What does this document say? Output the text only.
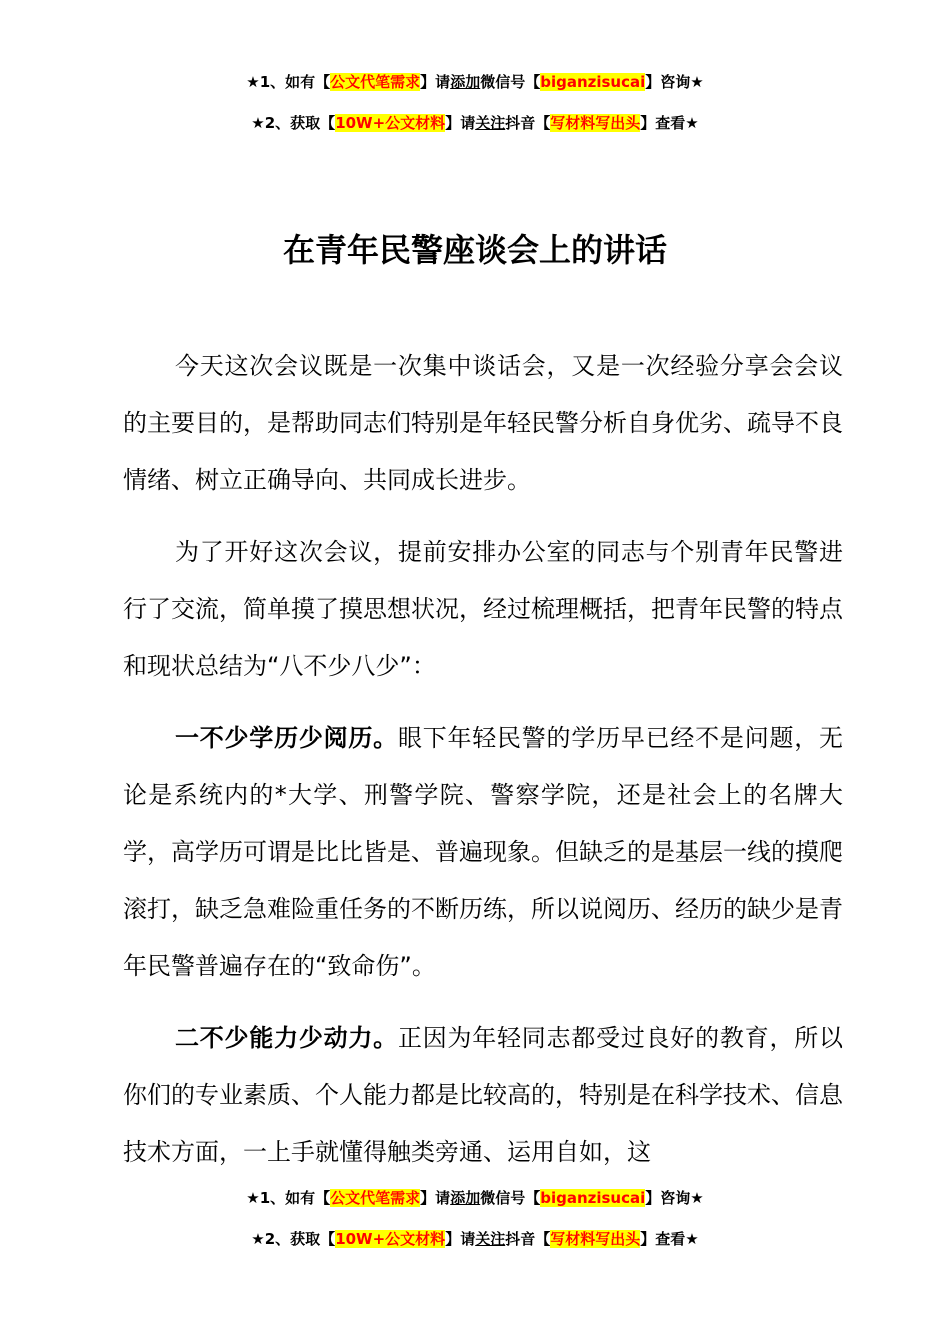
★1、如有【公文代笔需求】请添加微信号【biganzisucai】咨询★
★2、获取【10W+公文材料】请关注抖音【写材料写出头】查看★
在青年民警座谈会上的讲话

今天这次会议既是一次集中谈话会，又是一次经验分享会会议的主要目的，是帮助同志们特别是年轻民警分析自身优劣、疏导不良情绪、树立正确导向、共同成长进步。

为了开好这次会议，提前安排办公室的同志与个别青年民警进行了交流，简单摸了摸思想状况，经过梳理概括，把青年民警的特点和现状总结为“八不少八少”：

一不少学历少阅历。眼下年轻民警的学历早已经不是问题，无论是系统内的*大学、刑警学院、警察学院，还是社会上的名牌大学，高学历可谓是比比皆是、普遍现象。但缺乏的是基层一线的摸爬滚打，缺乏急难险重任务的不断历练，所以说阅历、经历的缺少是青年民警普遍存在的“致命伤”。

二不少能力少动力。正因为年轻同志都受过良好的教育，所以你们的专业素质、个人能力都是比较高的，特别是在科学技术、信息技术方面，一上手就懂得触类旁通、运用自如，这

★1、如有【公文代笔需求】请添加微信号【biganzisucai】咨询★
★2、获取【10W+公文材料】请关注抖音【写材料写出头】查看★
